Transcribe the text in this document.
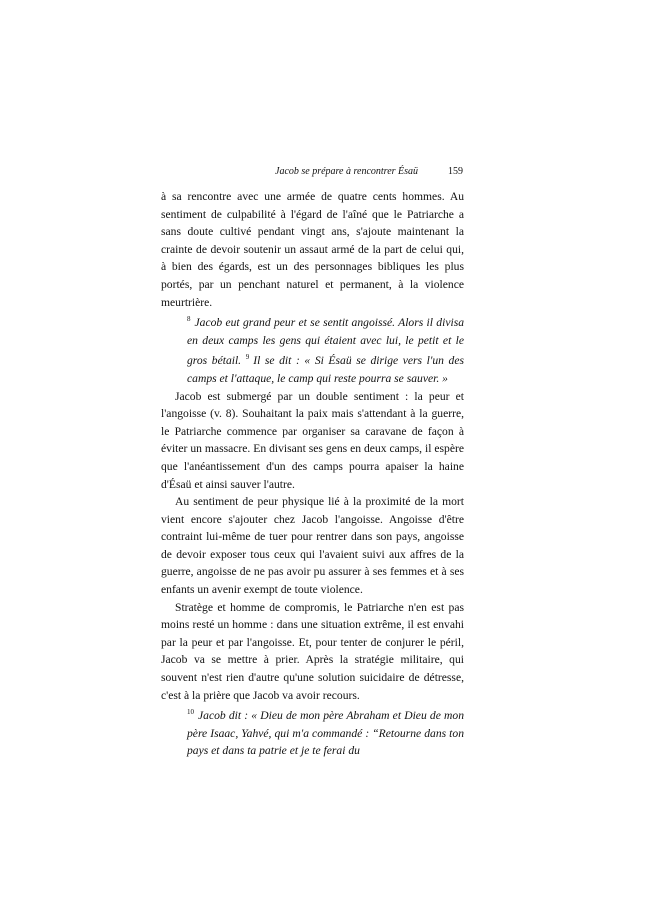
Jacob se prépare à rencontrer Ésaü	159

à sa rencontre avec une armée de quatre cents hommes. Au sentiment de culpabilité à l'égard de l'aîné que le Patriarche a sans doute cultivé pendant vingt ans, s'ajoute maintenant la crainte de devoir soutenir un assaut armé de la part de celui qui, à bien des égards, est un des personnages bibliques les plus portés, par un penchant naturel et permanent, à la violence meurtrière.

$^8$ Jacob eut grand peur et se sentit angoissé. Alors il divisa en deux camps les gens qui étaient avec lui, le petit et le gros bétail. $^9$ Il se dit : « Si Ésaü se dirige vers l'un des camps et l'attaque, le camp qui reste pourra se sauver. »

Jacob est submergé par un double sentiment : la peur et l'angoisse (v. 8). Souhaitant la paix mais s'attendant à la guerre, le Patriarche commence par organiser sa caravane de façon à éviter un massacre. En divisant ses gens en deux camps, il espère que l'anéantissement d'un des camps pourra apaiser la haine d'Ésaü et ainsi sauver l'autre.

Au sentiment de peur physique lié à la proximité de la mort vient encore s'ajouter chez Jacob l'angoisse. Angoisse d'être contraint lui-même de tuer pour rentrer dans son pays, angoisse de devoir exposer tous ceux qui l'avaient suivi aux affres de la guerre, angoisse de ne pas avoir pu assurer à ses femmes et à ses enfants un avenir exempt de toute violence.

Stratège et homme de compromis, le Patriarche n'en est pas moins resté un homme : dans une situation extrême, il est envahi par la peur et par l'angoisse. Et, pour tenter de conjurer le péril, Jacob va se mettre à prier. Après la stratégie militaire, qui souvent n'est rien d'autre qu'une solution suicidaire de détresse, c'est à la prière que Jacob va avoir recours.

$^{10}$ Jacob dit : « Dieu de mon père Abraham et Dieu de mon père Isaac, Yahvé, qui m'a commandé : “Retourne dans ton pays et dans ta patrie et je te ferai du
